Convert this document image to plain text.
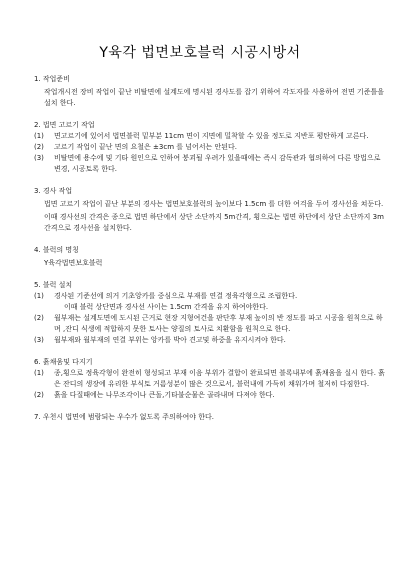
Y육각 법면보호블럭 시공시방서

1. 작업준비

작업개시전 장비 작업이 끝난 비탈면에 설계도에 명시된 경사도를 잡기 위하여 각도자를 사용하여 전면 기준틀을 설치 한다.

2. 법면 고르기 작업

(1)	면고르기에 있어서 법면블럭 밑부분 11cm 면이 지면에 밀착할 수 있을 정도로 지반포 평탄하게 고른다.
(2)	고르기 작업이 끝난 면의 요철은 ±3cm 를 넘어서는 안된다.
(3)	비탈면에 용수에 및 기타 원인으로 인하여 붕괴될 우려가 있을때에는 즉시 감독관과 협의하여 다른 방법으로 변경, 시공토록 한다.

3. 경사 작업

법면 고르기 작업이 끝난 부분의 경사는 법면보호블럭의 높이보다 1.5cm 를 더한 여걱을 두어 경사선을 쳐둔다.

이때 경사선의 간격은 종으로 법면 하단에서 상단 소단까지 5m간격, 횡으로는 법면 하단에서 상단 소단까지 3m 간격으로 경사선을 설치한다.

4. 블럭의 명칭

Y육각법면보호블럭

5. 블럭 설치

(1)	경사된 기준선에 의거 기초앙카를 중심으로 부재를 연결 정육각형으로 조립한다.
이때 블럭 상단면과 경사선 사이는 1.5cm 간격을 유지 하여야한다.
(2)	월부재는 설계도면에 도시된 근거로 현장 지형여건을 판단후 부재 높이의 반 정도를 파고 시공을 원칙으로 하며 ,잔디 식생에 적합하지 못한 토사는 양질의 토사로 치환함을 원칙으로 한다.
(3)	월부재와 월부재의 연결 부위는 앙카를 박아 견고및 하중을 유지시켜야 한다.

6. 흙채움및 다지기

(1)	종,횡으로 정육각형이 완전히 형성되고 부재 이음 부위가 결합이 완료되면 블록내부에 흙채움을 실시 한다. 흙은 잔디의 생장에 유리한 부식토 거름성분이 많은 것으로서, 블럭내에 가득히 채워가며 철저히 다짐한다.
(2)	흙을 다질때에는 나무조각이나 큰돌,기타불순물은 골라내며 다져야 한다.

7. 우천시 법면에 범람되는 우수가 없도록 주의하여야 한다.
